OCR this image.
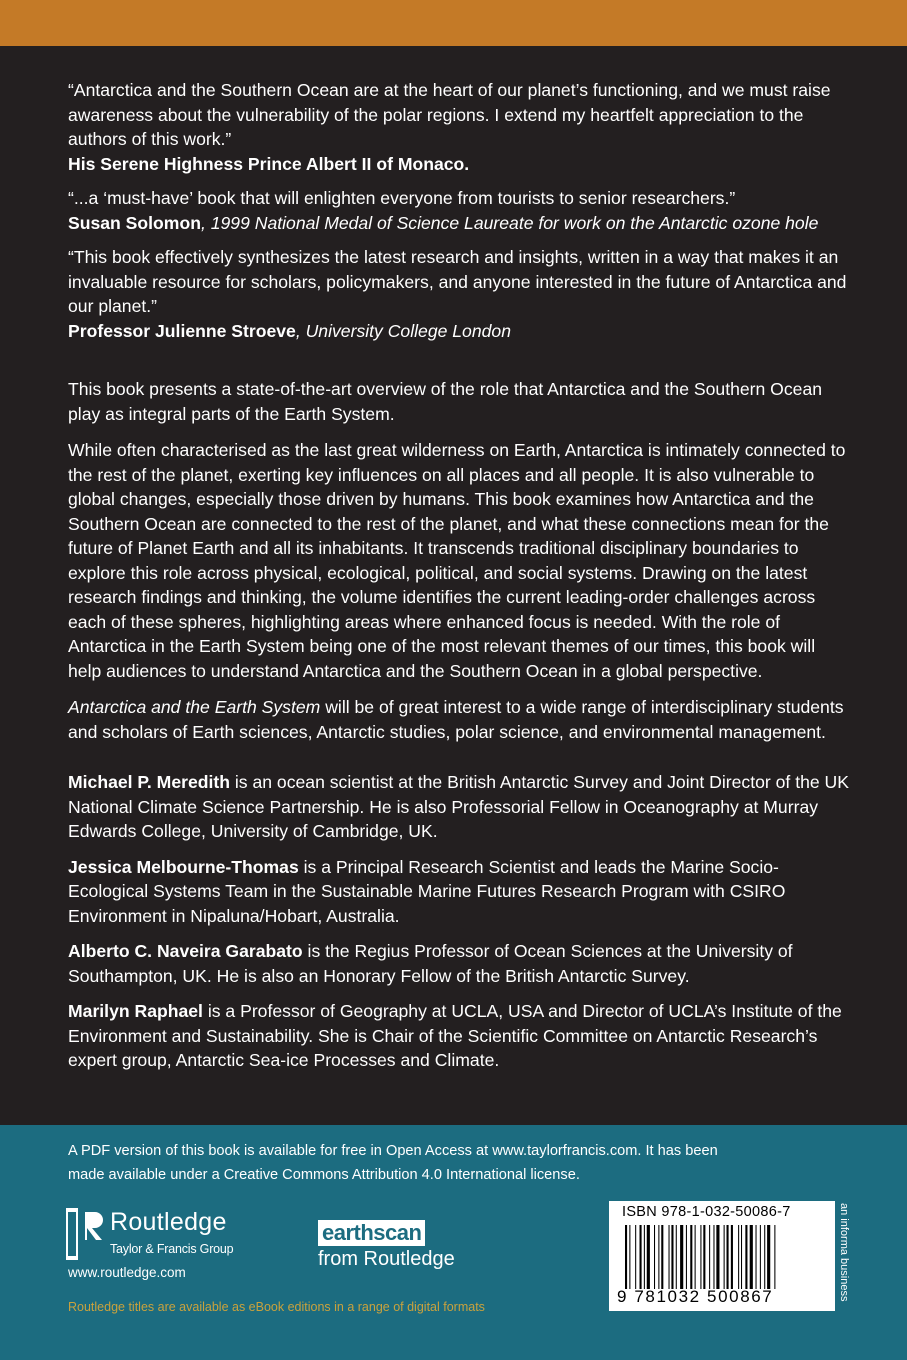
“Antarctica and the Southern Ocean are at the heart of our planet’s functioning, and we must raise awareness about the vulnerability of the polar regions. I extend my heartfelt appreciation to the authors of this work.”
His Serene Highness Prince Albert II of Monaco.

“...a ‘must-have’ book that will enlighten everyone from tourists to senior researchers.”
Susan Solomon, 1999 National Medal of Science Laureate for work on the Antarctic ozone hole

“This book effectively synthesizes the latest research and insights, written in a way that makes it an invaluable resource for scholars, policymakers, and anyone interested in the future of Antarctica and our planet.”
Professor Julienne Stroeve, University College London

This book presents a state-of-the-art overview of the role that Antarctica and the Southern Ocean play as integral parts of the Earth System.

While often characterised as the last great wilderness on Earth, Antarctica is intimately connected to the rest of the planet, exerting key influences on all places and all people. It is also vulnerable to global changes, especially those driven by humans. This book examines how Antarctica and the Southern Ocean are connected to the rest of the planet, and what these connections mean for the future of Planet Earth and all its inhabitants. It transcends traditional disciplinary boundaries to explore this role across physical, ecological, political, and social systems. Drawing on the latest research findings and thinking, the volume identifies the current leading-order challenges across each of these spheres, highlighting areas where enhanced focus is needed. With the role of Antarctica in the Earth System being one of the most relevant themes of our times, this book will help audiences to understand Antarctica and the Southern Ocean in a global perspective.

Antarctica and the Earth System will be of great interest to a wide range of interdisciplinary students and scholars of Earth sciences, Antarctic studies, polar science, and environmental management.

Michael P. Meredith is an ocean scientist at the British Antarctic Survey and Joint Director of the UK National Climate Science Partnership. He is also Professorial Fellow in Oceanography at Murray Edwards College, University of Cambridge, UK.

Jessica Melbourne-Thomas is a Principal Research Scientist and leads the Marine Socio-Ecological Systems Team in the Sustainable Marine Futures Research Program with CSIRO Environment in Nipaluna/Hobart, Australia.

Alberto C. Naveira Garabato is the Regius Professor of Ocean Sciences at the University of Southampton, UK. He is also an Honorary Fellow of the British Antarctic Survey.

Marilyn Raphael is a Professor of Geography at UCLA, USA and Director of UCLA’s Institute of the Environment and Sustainability. She is Chair of the Scientific Committee on Antarctic Research’s expert group, Antarctic Sea-ice Processes and Climate.

A PDF version of this book is available for free in Open Access at www.taylorfrancis.com. It has been made available under a Creative Commons Attribution 4.0 International license.
Routledge
Taylor & Francis Group
www.routledge.com
earthscan
from Routledge
Routledge titles are available as eBook editions in a range of digital formats
ISBN 978-1-032-50086-7
9 781032 500867	an informa business
